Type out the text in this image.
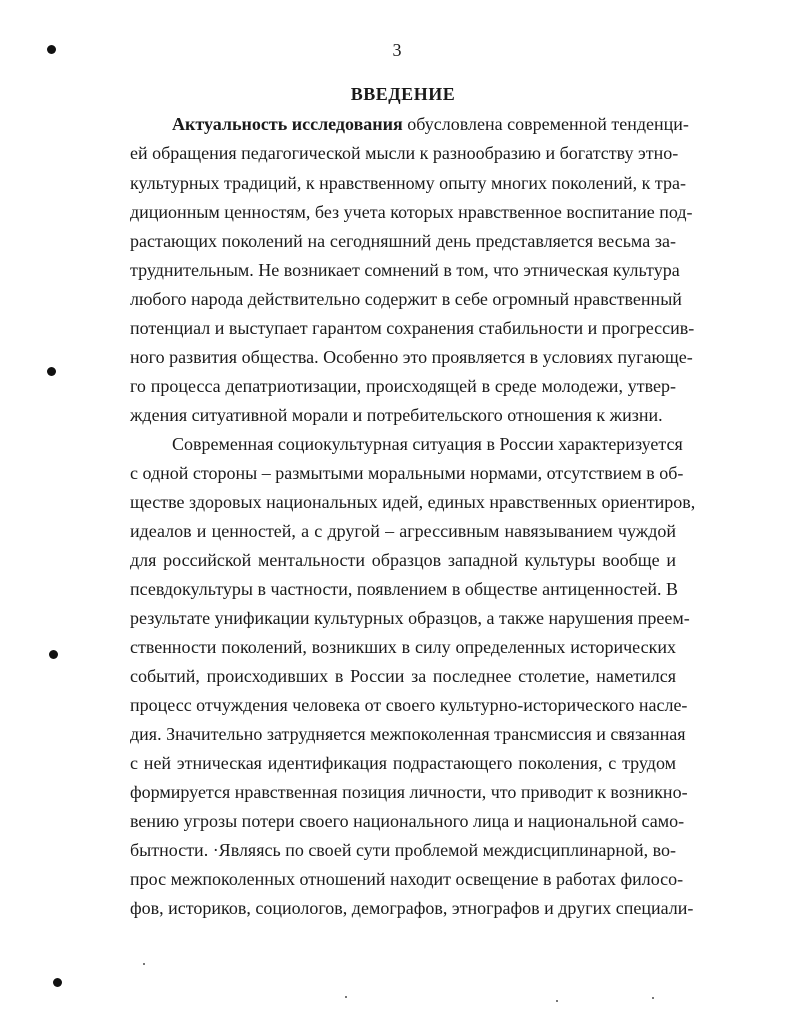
3
ВВЕДЕНИЕ
Актуальность исследования обусловлена современной тенденци-
ей обращения педагогической мысли к разнообразию и богатству этно-
культурных традиций, к нравственному опыту многих поколений, к тра-
диционным ценностям, без учета которых нравственное воспитание под-
растающих поколений на сегодняшний день представляется весьма за-
труднительным. Не возникает сомнений в том, что этническая культура
любого народа действительно содержит в себе огромный нравственный
потенциал и выступает гарантом сохранения стабильности и прогрессив-
ного развития общества. Особенно это проявляется в условиях пугающе-
го процесса депатриотизации, происходящей в среде молодежи, утвер-
ждения ситуативной морали и потребительского отношения к жизни.
Современная социокультурная ситуация в России характеризуется
с одной стороны – размытыми моральными нормами, отсутствием в об-
ществе здоровых национальных идей, единых нравственных ориентиров,
идеалов и ценностей, а с другой – агрессивным навязыванием чуждой
для российской ментальности образцов западной культуры вообще и
псевдокультуры в частности, появлением в обществе антиценностей. В
результате унификации культурных образцов, а также нарушения преем-
ственности поколений, возникших в силу определенных исторических
событий, происходивших в России за последнее столетие, наметился
процесс отчуждения человека от своего культурно-исторического насле-
дия. Значительно затрудняется межпоколенная трансмиссия и связанная
с ней этническая идентификация подрастающего поколения, с трудом
формируется нравственная позиция личности, что приводит к возникно-
вению угрозы потери своего национального лица и национальной само-
бытности. ·Являясь по своей сути проблемой междисциплинарной, во-
прос межпоколенных отношений находит освещение в работах филосо-
фов, историков, социологов, демографов, этнографов и других специали-
